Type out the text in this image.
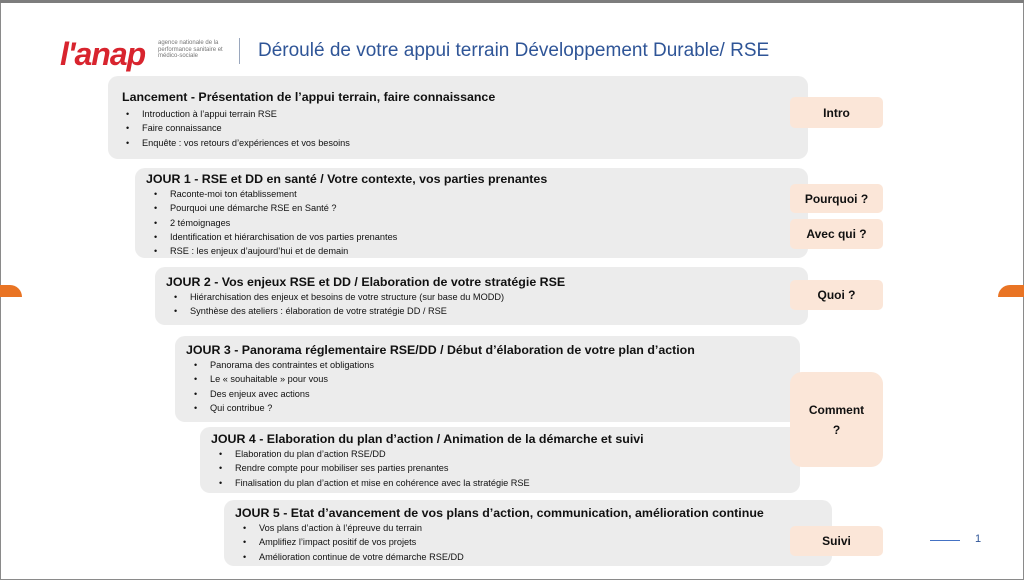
l'anap agence nationale de la performance sanitaire et médico-sociale	Déroulé de votre appui terrain Développement Durable/ RSE
Lancement - Présentation de l’appui terrain, faire connaissance
• Introduction à l’appui terrain RSE
• Faire connaissance
• Enquête : vos retours d’expériences et vos besoins
JOUR 1 - RSE et DD en santé / Votre contexte, vos parties prenantes
• Raconte-moi ton établissement
• Pourquoi une démarche RSE en Santé ?
• 2 témoignages
• Identification et hiérarchisation de vos parties prenantes
• RSE : les enjeux d’aujourd’hui et de demain
JOUR 2 - Vos enjeux RSE et DD / Elaboration de votre stratégie RSE
• Hiérarchisation des enjeux et besoins de votre structure (sur base du MODD)
• Synthèse des ateliers : élaboration de votre stratégie DD / RSE
JOUR 3 - Panorama réglementaire RSE/DD / Début d’élaboration de votre plan d’action
• Panorama des contraintes et obligations
• Le « souhaitable » pour vous
• Des enjeux avec actions
• Qui contribue ?
JOUR 4 - Elaboration du plan d’action / Animation de la démarche et suivi
• Elaboration du plan d’action RSE/DD
• Rendre compte pour mobiliser ses parties prenantes
• Finalisation du plan d’action et mise en cohérence avec la stratégie RSE
JOUR 5 - Etat d’avancement de vos plans d’action, communication, amélioration continue
• Vos plans d’action à l’épreuve du terrain
• Amplifiez l’impact positif de vos projets
• Amélioration continue de votre démarche RSE/DD
Intro
Pourquoi ?
Avec qui ?
Quoi ?
Comment ?
Suivi	1
